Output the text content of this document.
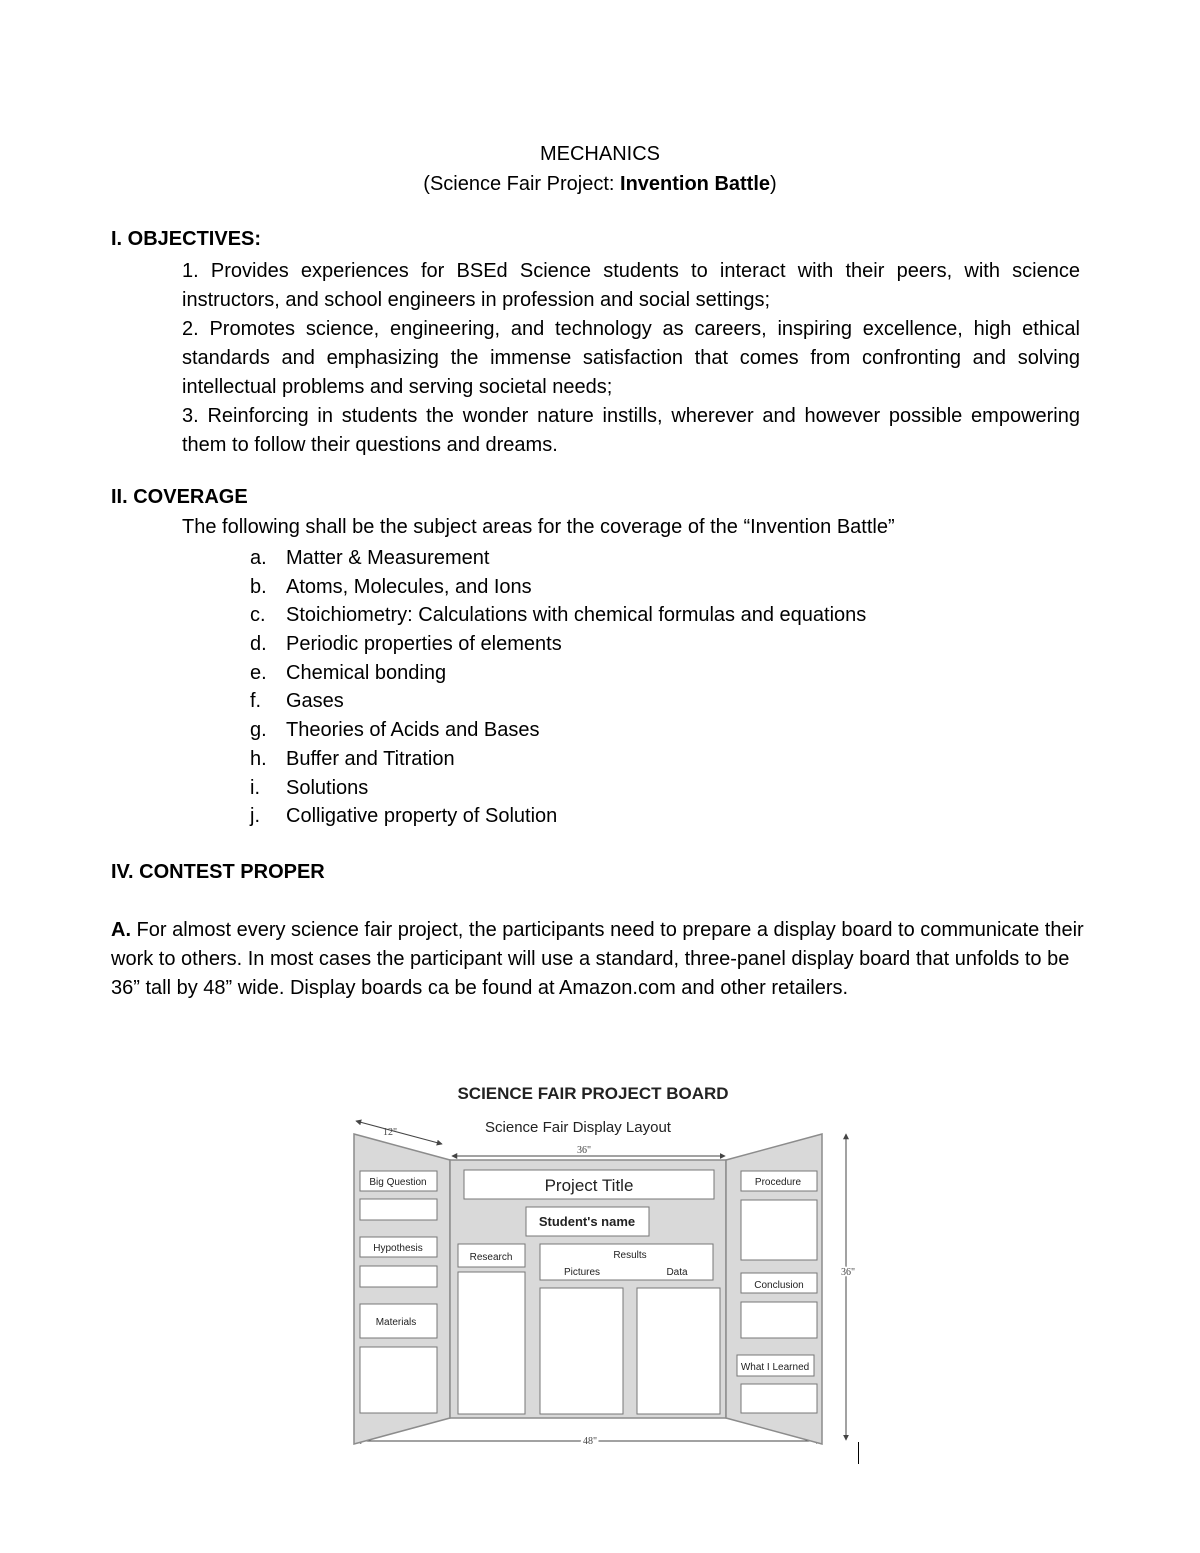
MECHANICS
(Science Fair Project: Invention Battle)
I. OBJECTIVES:

1. Provides experiences for BSEd Science students to interact with their peers, with science instructors, and school engineers in profession and social settings;

2. Promotes science, engineering, and technology as careers, inspiring excellence, high ethical standards and emphasizing the immense satisfaction that comes from confronting and solving intellectual problems and serving societal needs;

3. Reinforcing in students the wonder nature instills, wherever and however possible empowering them to follow their questions and dreams.

II. COVERAGE
The following shall be the subject areas for the coverage of the “Invention Battle”
a. Matter & Measurement
b. Atoms, Molecules, and Ions
c. Stoichiometry: Calculations with chemical formulas and equations
d. Periodic properties of elements
e. Chemical bonding
f. Gases
g. Theories of Acids and Bases
h. Buffer and Titration
i. Solutions
j. Colligative property of Solution
IV. CONTEST PROPER
A. For almost every science fair project, the participants need to prepare a display board to communicate their work to others. In most cases the participant will use a standard, three-panel display board that unfolds to be 36” tall by 48” wide. Display boards ca be found at Amazon.com and other retailers.
SCIENCE FAIR PROJECT BOARD
Science Fair Display Layout
12"
36"
36"
48"
Big Question
Hypothesis
Materials
Project Title
Student's name
Research	Results
Pictures	Data
Procedure
Conclusion
What I Learned
